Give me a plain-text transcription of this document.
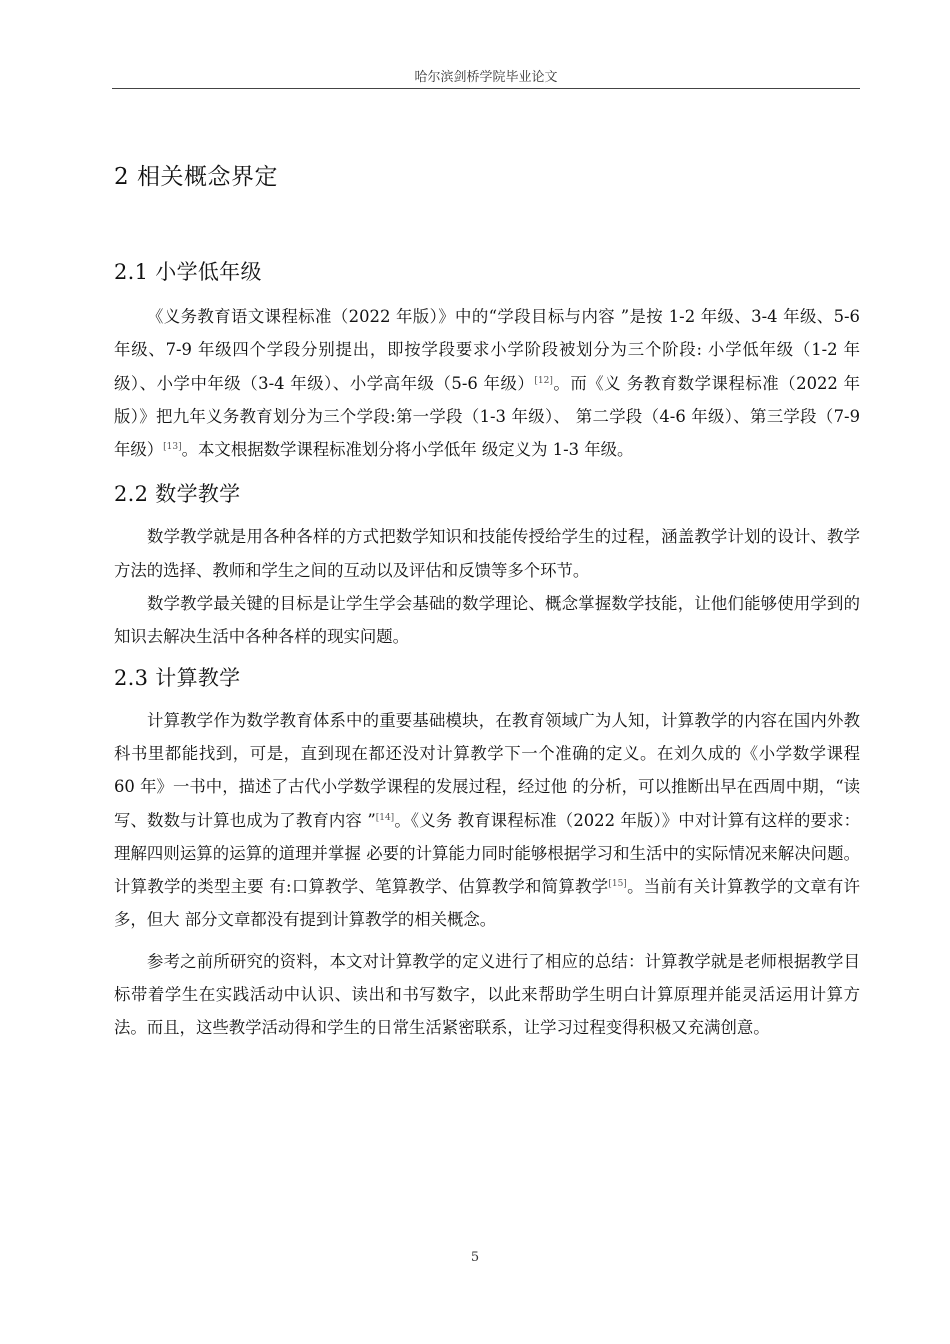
哈尔滨剑桥学院毕业论文
2 相关概念界定
2.1 小学低年级

《义务教育语文课程标准（2022 年版）》中的“学段目标与内容 ”是按 1-2 年级、3-4 年级、5-6 年级、7-9 年级四个学段分别提出，即按学段要求小学阶段被划分为三个阶段: 小学低年级（1-2 年级）、小学中年级（3-4 年级）、小学高年级（5-6 年级）[12]。而《义 务教育数学课程标准（2022 年版）》把九年义务教育划分为三个学段:第一学段（1-3 年级）、 第二学段（4-6 年级）、第三学段（7-9 年级）[13]。本文根据数学课程标准划分将小学低年 级定义为 1-3 年级。

2.2 数学教学

数学教学就是用各种各样的方式把数学知识和技能传授给学生的过程，涵盖教学计划的设计、教学方法的选择、教师和学生之间的互动以及评估和反馈等多个环节。

数学教学最关键的目标是让学生学会基础的数学理论、概念掌握数学技能，让他们能够使用学到的知识去解决生活中各种各样的现实问题。

2.3 计算教学

计算教学作为数学教育体系中的重要基础模块，在教育领域广为人知，计算教学的内容在国内外教科书里都能找到，可是，直到现在都还没对计算教学下一个准确的定义。在刘久成的《小学数学课程 60 年》一书中，描述了古代小学数学课程的发展过程，经过他 的分析，可以推断出早在西周中期，“读写、数数与计算也成为了教育内容 ”[14]。《义务 教育课程标准（2022 年版）》中对计算有这样的要求：理解四则运算的运算的道理并掌握 必要的计算能力同时能够根据学习和生活中的实际情况来解决问题。计算教学的类型主要 有:口算教学、笔算教学、估算教学和简算教学[15]。当前有关计算教学的文章有许多，但大 部分文章都没有提到计算教学的相关概念。

参考之前所研究的资料，本文对计算教学的定义进行了相应的总结：计算教学就是老师根据教学目标带着学生在实践活动中认识、读出和书写数字，以此来帮助学生明白计算原理并能灵活运用计算方法。而且，这些教学活动得和学生的日常生活紧密联系，让学习过程变得积极又充满创意。

5
